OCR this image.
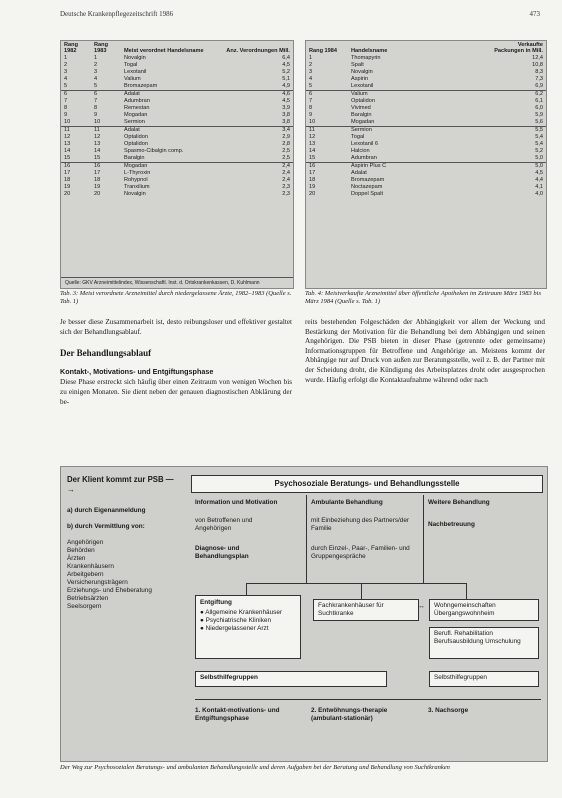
Deutsche Krankenpflegezeitschrift 1986	473
Rang 1982	Rang 1983	Meist verordnet Handelsname	Anz. Verordnungen Mill.
1	1	Novalgin	6,4
2	2	Togal	4,5
3	3	Lexotanil	5,2
4	4	Valium	5,1
5	5	Bromazepam	4,9
6	6	Adalat	4,6
7	7	Adumbran	4,5
8	8	Remestan	3,9
9	9	Mogadan	3,8
10	10	Sermion	3,8
11	11	Adalat	3,4
12	12	Optalidon	2,9
13	13	Optalidon	2,8
14	14	Spasmo-Cibalgin comp.	2,5
15	15	Baralgin	2,5
16	16	Mogadan	2,4
17	17	L-Thyroxin	2,4
18	18	Rohypnol	2,4
19	19	Tranxilium	2,3
20	20	Novalgin	2,3
Quelle: GKV Arzneimittelindex, Wissenschaftl. Inst. d. Ortskrankenkassen, D. Kuhlmann
Tab. 3: Meist verordnete Arzneimittel durch niedergelassene Ärzte, 1982–1983 (Quelle s. Tab. 1)
Rang 1984	Handelsname	Verkaufte Packungen in Mill.
1	Thomapyrin	12,4
2	Spalt	10,8
3	Novalgin	8,3
4	Aspirin	7,3
5	Lexotanil	6,9
6	Valium	6,2
7	Optalidon	6,1
8	Vivimed	6,0
9	Baralgin	5,9
10	Mogadan	5,6
11	Sermion	5,5
12	Togal	5,4
13	Lexotanil 6	5,4
14	Halcion	5,2
15	Adumbran	5,0
16	Aspirin Plus C	5,0
17	Adalat	4,5
18	Bromazepam	4,4
19	Noctazepam	4,1
20	Doppel Spalt	4,0
Tab. 4: Meistverkaufte Arzneimittel über öffentliche Apotheken im Zeitraum März 1983 bis März 1984 (Quelle s. Tab. 1)

Je besser diese Zusammenarbeit ist, desto reibungsloser und effektiver gestaltet sich der Behandlungsablauf.

Der Behandlungsablauf
Kontakt-, Motivations- und Entgiftungsphase

Diese Phase erstreckt sich häufig über einen Zeitraum von wenigen Wochen bis zu einigen Monaten. Sie dient neben der genauen diagnostischen Abklärung der be-

reits bestehenden Folgeschäden der Abhängigkeit vor allem der Weckung und Bestärkung der Motivation für die Behandlung bei dem Abhängigen und seinen Angehörigen. Die PSB bieten in dieser Phase (getrennte oder gemeinsame) Informationsgruppen für Betroffene und Angehörige an. Meistens kommt der Abhängige nur auf Druck von außen zur Beratungsstelle, weil z. B. der Partner mit der Scheidung droht, die Kündigung des Arbeitsplatzes droht oder ausgesprochen wurde. Häufig erfolgt die Kontaktaufnahme während oder nach

Der Klient kommt zur PSB —→
a) durch Eigenanmeldung
b) durch Vermittlung von:
Angehörigen
Behörden
Ärzten
Krankenhäusern
Arbeitgebern
Versicherungsträgern
Erziehungs- und Eheberatung
Betriebsärzten
Seelsorgern
Psychosoziale Beratungs- und Behandlungsstelle
Information und Motivation
von Betroffenen und Angehörigen
Diagnose- und Behandlungsplan
Ambulante Behandlung
mit Einbeziehung des Partners/der Familie
durch Einzel-, Paar-, Familien- und Gruppengespräche
Weitere Behandlung
Nachbetreuung
Entgiftung
● Allgemeine Krankenhäuser
● Psychiatrische Kliniken
● Niedergelassener Arzt
Fachkrankenhäuser für Suchtkranke
↔ Wohngemeinschaften Übergangswohnheim
Berufl. Rehabilitation Berufsausbildung Umschulung
Selbsthilfegruppen	Selbsthilfegruppen
1. Kontakt-motivations- und Entgiftungsphase
2. Entwöhnungs-therapie (ambulant-stationär)
3. Nachsorge
Der Weg zur Psychosozialen Beratungs- und ambulanten Behandlungsstelle und deren Aufgaben bei der Beratung und Behandlung von Suchtkranken
